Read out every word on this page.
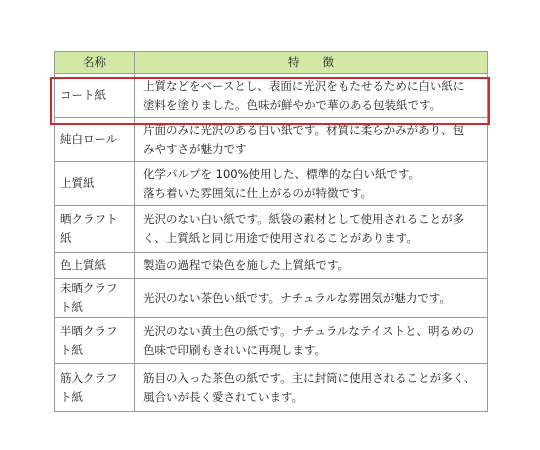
名称	特　　徴
コート紙	上質などをベースとし、表面に光沢をもたせるために白い紙に
塗料を塗りました。色味が鮮やかで華のある包装紙です。

純白ロール	片面のみに光沢のある白い紙です。材質に柔らかみがあり、包
みやすさが魅力です

上質紙	化学パルプを 100%使用した、標準的な白い紙です。
落ち着いた雰囲気に仕上がるのが特徴です。

晒クラフト紙	光沢のない白い紙です。紙袋の素材として使用されることが多
く、上質紙と同じ用途で使用されることがあります。

色上質紙	製造の過程で染色を施した上質紙です。

未晒クラフト紙	光沢のない茶色い紙です。ナチュラルな雰囲気が魅力です。

半晒クラフト紙	光沢のない黄土色の紙です。ナチュラルなテイストと、明るめの
色味で印刷もきれいに再現します。

筋入クラフト紙	筋目の入った茶色の紙です。主に封筒に使用されることが多く、
風合いが長く愛されています。
